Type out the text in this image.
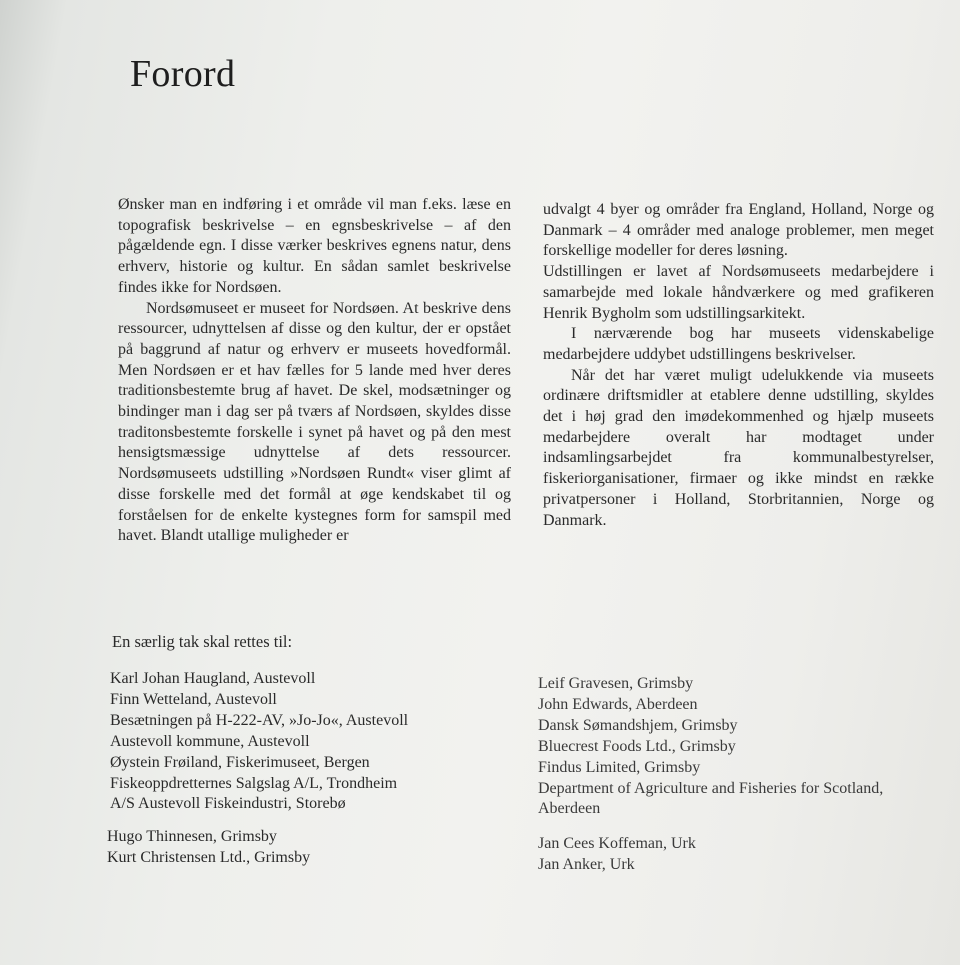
Forord

Ønsker man en indføring i et område vil man f.eks. læse en topografisk beskrivelse – en egnsbeskrivelse – af den pågældende egn. I disse værker beskrives egnens natur, dens erhverv, historie og kultur. En sådan samlet beskrivelse findes ikke for Nordsøen.

Nordsømuseet er museet for Nordsøen. At beskrive dens ressourcer, udnyttelsen af disse og den kultur, der er opstået på baggrund af natur og erhverv er museets hovedformål. Men Nordsøen er et hav fælles for 5 lande med hver deres traditionsbestemte brug af havet. De skel, modsætninger og bindinger man i dag ser på tværs af Nordsøen, skyldes disse traditonsbestemte forskelle i synet på havet og på den mest hensigtsmæssige udnyttelse af dets ressourcer. Nordsømuseets udstilling »Nordsøen Rundt« viser glimt af disse forskelle med det formål at øge kendskabet til og forståelsen for de enkelte kystegnes form for samspil med havet. Blandt utallige muligheder er

udvalgt 4 byer og områder fra England, Holland, Norge og Danmark – 4 områder med analoge problemer, men meget forskellige modeller for deres løsning.

Udstillingen er lavet af Nordsømuseets medarbejdere i samarbejde med lokale håndværkere og med grafikeren Henrik Bygholm som udstillingsarkitekt.

I nærværende bog har museets videnskabelige medarbejdere uddybet udstillingens beskrivelser.

Når det har været muligt udelukkende via museets ordinære driftsmidler at etablere denne udstilling, skyldes det i høj grad den imødekommenhed og hjælp museets medarbejdere overalt har modtaget under indsamlingsarbejdet fra kommunalbestyrelser, fiskeriorganisationer, firmaer og ikke mindst en række privatpersoner i Holland, Storbritannien, Norge og Danmark.

En særlig tak skal rettes til:
Karl Johan Haugland, Austevoll
Finn Wetteland, Austevoll
Besætningen på H-222-AV, »Jo-Jo«, Austevoll
Austevoll kommune, Austevoll
Øystein Frøiland, Fiskerimuseet, Bergen
Fiskeoppdretternes Salgslag A/L, Trondheim
A/S Austevoll Fiskeindustri, Storebø
Hugo Thinnesen, Grimsby
Kurt Christensen Ltd., Grimsby
Leif Gravesen, Grimsby
John Edwards, Aberdeen
Dansk Sømandshjem, Grimsby
Bluecrest Foods Ltd., Grimsby
Findus Limited, Grimsby
Department of Agriculture and Fisheries for Scotland,
Aberdeen
Jan Cees Koffeman, Urk
Jan Anker, Urk
